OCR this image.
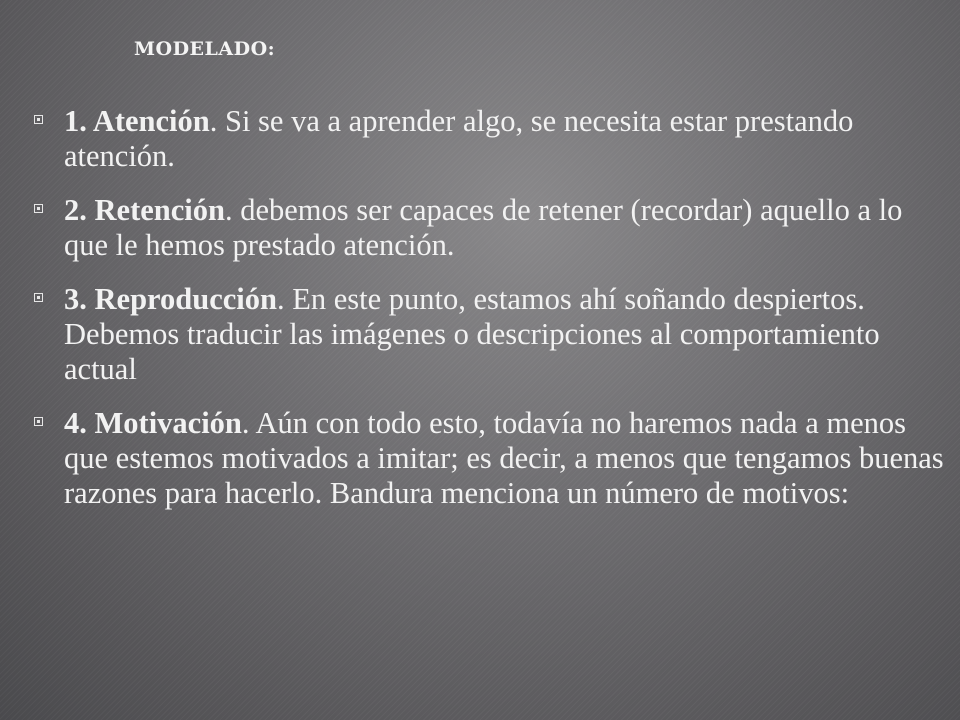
MODELADO:
1. Atención. Si se va a aprender algo, se necesita estar prestando atención.
2. Retención. debemos ser capaces de retener (recordar) aquello a lo que le hemos prestado atención.
3. Reproducción. En este punto, estamos ahí soñando despiertos. Debemos traducir las imágenes o descripciones al comportamiento actual
4. Motivación. Aún con todo esto, todavía no haremos nada a menos que estemos motivados a imitar; es decir, a menos que tengamos buenas razones para hacerlo. Bandura menciona un número de motivos:
